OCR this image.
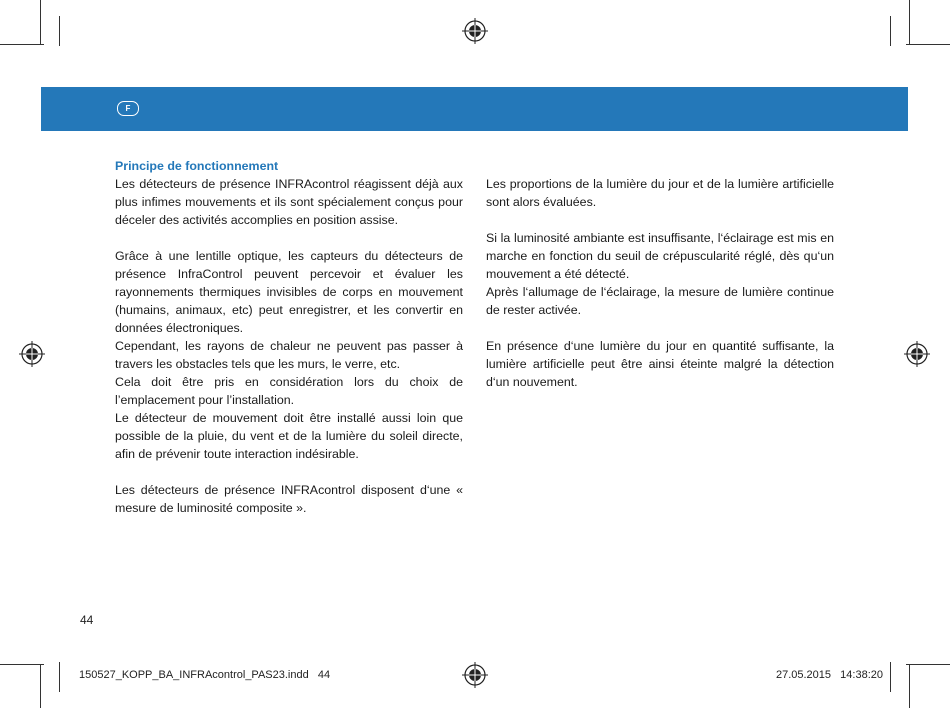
F
Principe de fonctionnement

Les détecteurs de présence INFRAcontrol réagissent déjà aux plus infimes mouvements et ils sont spécialement conçus pour déceler des activités accomplies en position assise.

Grâce à une lentille optique, les capteurs du détecteurs de présence InfraControl peuvent percevoir et évaluer les rayonnements thermiques invisibles de corps en mouvement (humains, animaux, etc) peut enregistrer, et les convertir en données électroniques.

Cependant, les rayons de chaleur ne peuvent pas passer à travers les obstacles tels que les murs, le verre, etc.

Cela doit être pris en considération lors du choix de l’emplacement pour l’installation.

Le détecteur de mouvement doit être installé aussi loin que possible de la pluie, du vent et de la lumière du soleil directe, afin de prévenir toute interaction indésirable.

Les détecteurs de présence INFRAcontrol disposent d‘une « mesure de luminosité composite ».

Les proportions de la lumière du jour et de la lumière artificielle sont alors évaluées.

Si la luminosité ambiante est insuffisante, l‘éclairage est mis en marche en fonction du seuil de crépuscularité réglé, dès qu‘un mouvement a été détecté.

Après l‘allumage de l‘éclairage, la mesure de lumière continue de rester activée.

En présence d‘une lumière du jour en quantité suffisante, la lumière artificielle peut être ainsi éteinte malgré la détection d‘un nouvement.

44
150527_KOPP_BA_INFRAcontrol_PAS23.indd   44	27.05.2015   14:38:20
